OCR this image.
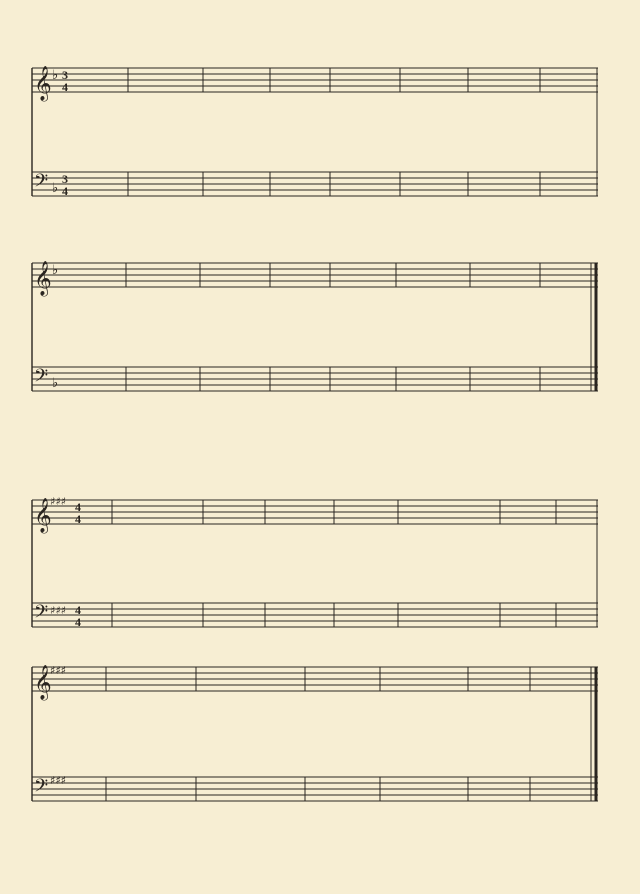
𝄞
𝄢
𝄞
𝄢
𝄞
𝄢
𝄞
𝄢
♭
♭
♭
♭
♯♯♯
♯♯♯
♯♯♯
♯♯♯
3
4
3
4
4
4
4
4
